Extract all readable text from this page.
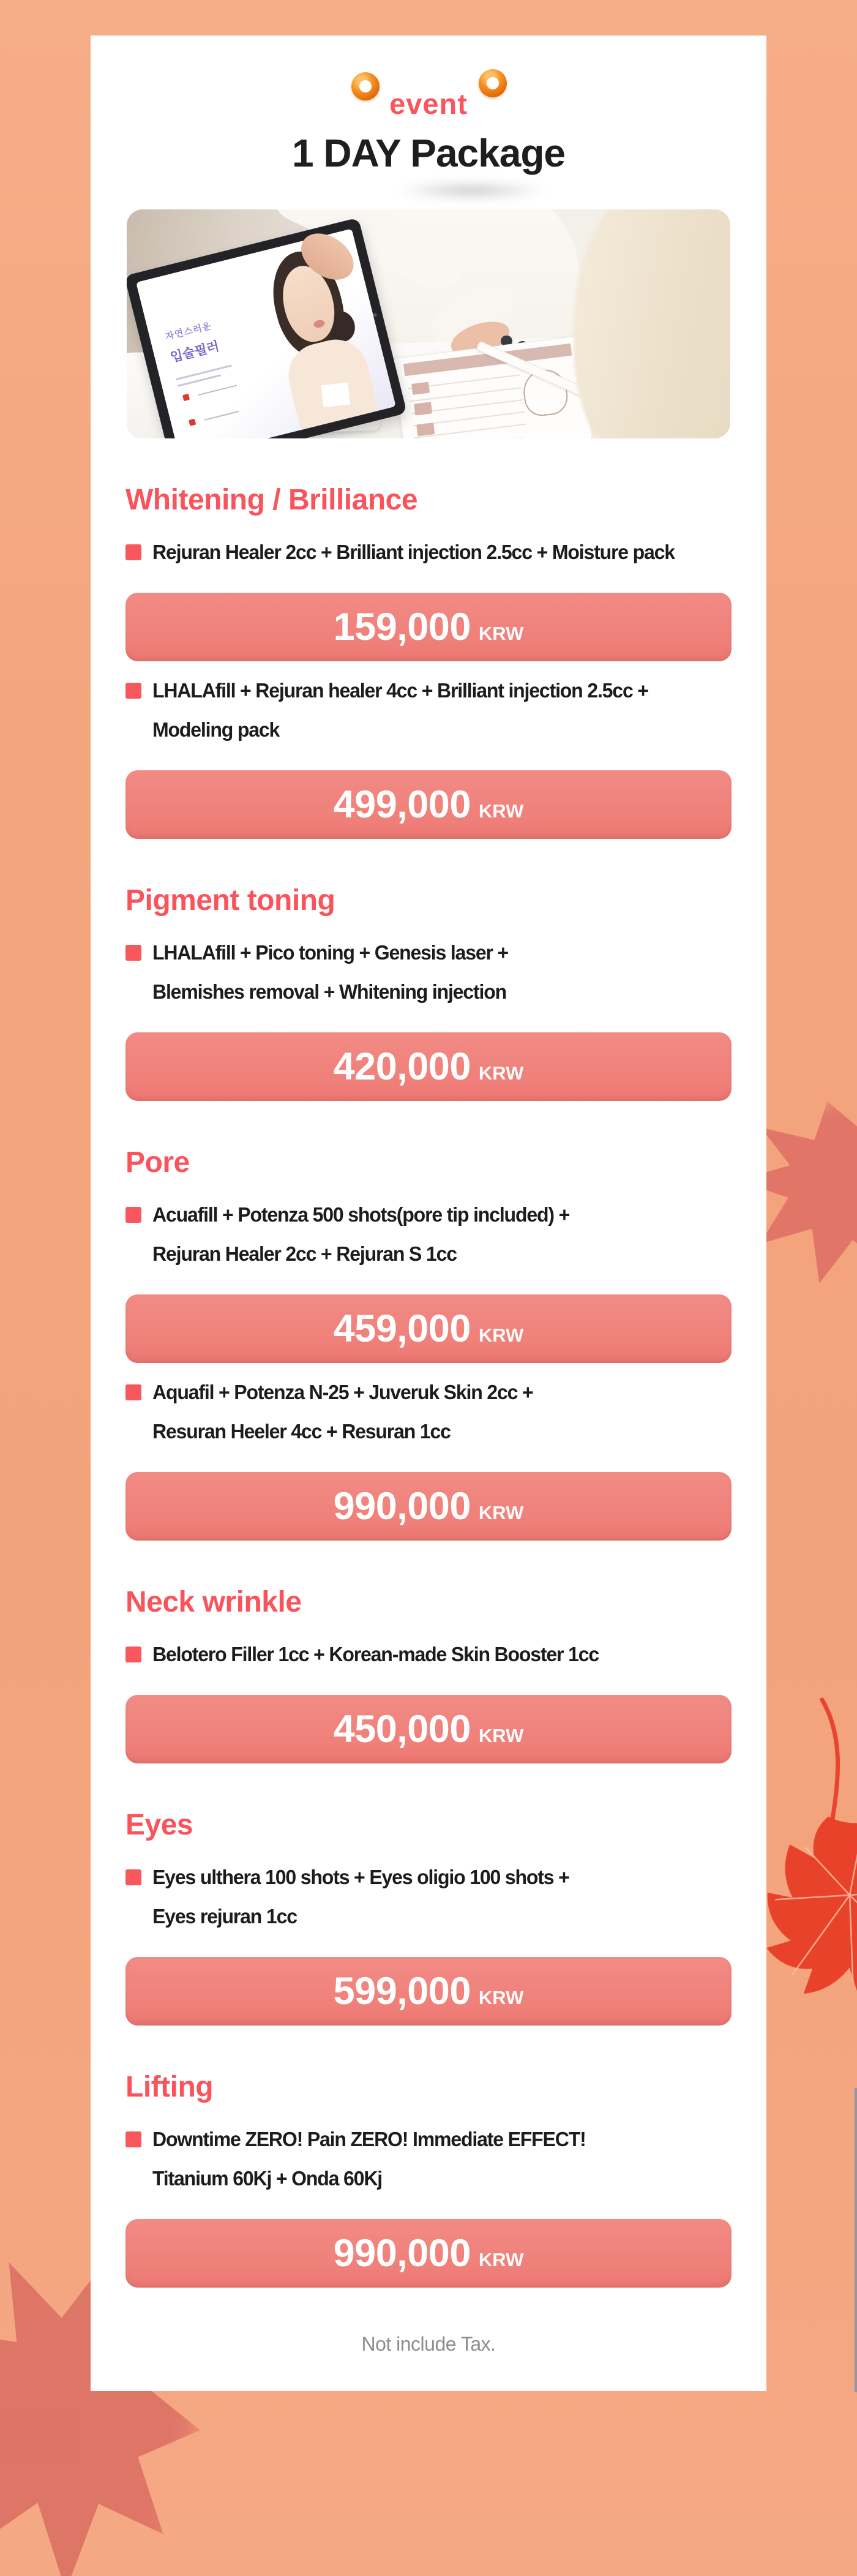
event
1 DAY Package
자연스러운
입술필러
Whitening / Brilliance
Rejuran Healer 2cc + Brilliant injection 2.5cc + Moisture pack
159,000 KRW
LHALAfill + Rejuran healer 4cc + Brilliant injection 2.5cc +
Modeling pack
499,000 KRW
Pigment toning
LHALAfill + Pico toning + Genesis laser +
Blemishes removal + Whitening injection
420,000 KRW
Pore
Acuafill + Potenza 500 shots(pore tip included) +
Rejuran Healer 2cc + Rejuran S 1cc
459,000 KRW
Aquafil + Potenza N-25 + Juveruk Skin 2cc +
Resuran Heeler 4cc + Resuran 1cc
990,000 KRW
Neck wrinkle
Belotero Filler 1cc + Korean-made Skin Booster 1cc
450,000 KRW
Eyes
Eyes ulthera 100 shots + Eyes oligio 100 shots +
Eyes rejuran 1cc
599,000 KRW
Lifting
Downtime ZERO! Pain ZERO! Immediate EFFECT!
Titanium 60Kj + Onda 60Kj
990,000 KRW
Not include Tax.
